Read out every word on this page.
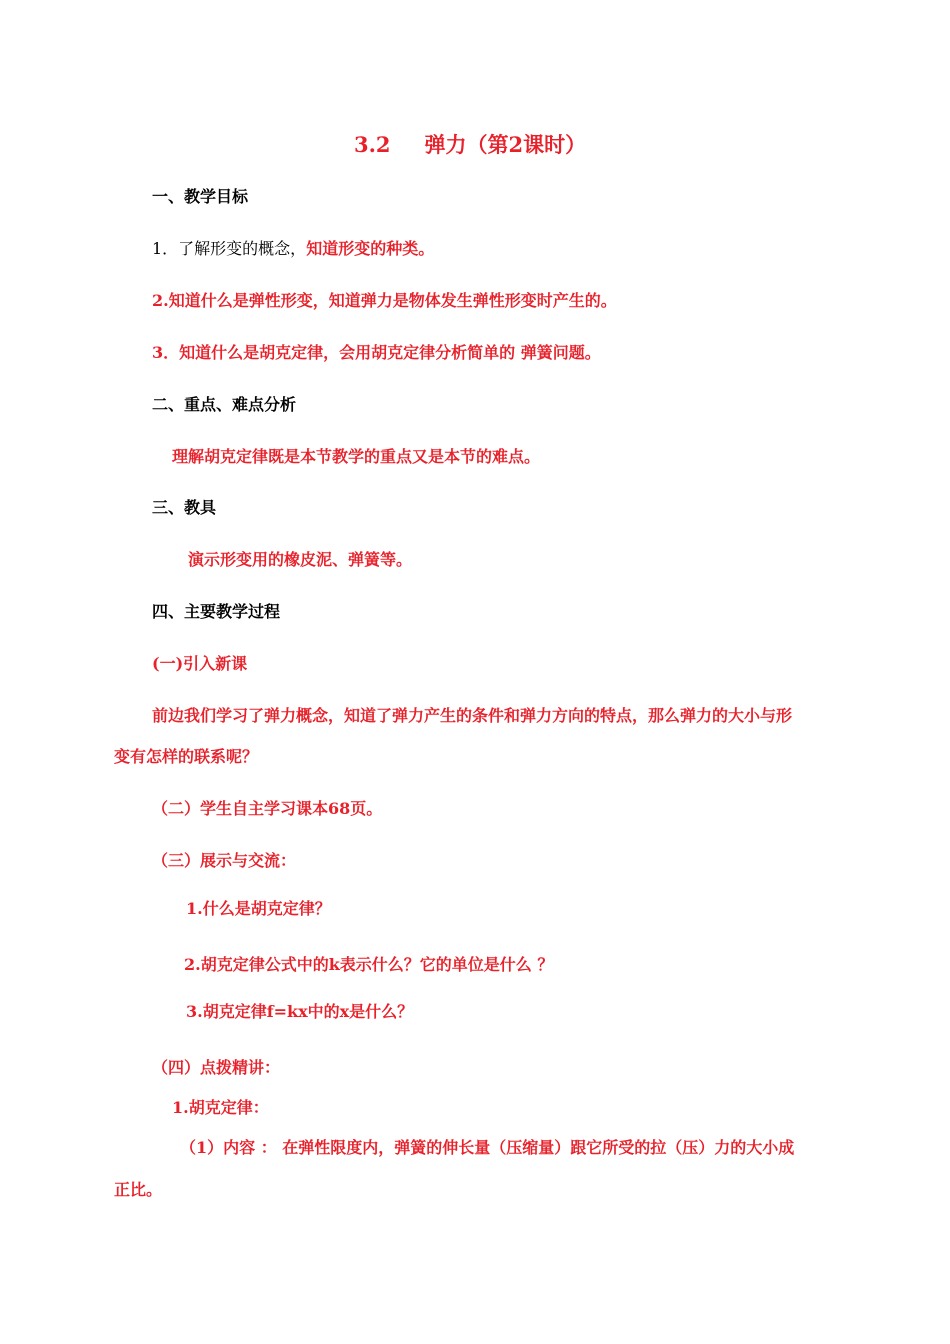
3.2 弹力（第2课时）
一、教学目标
1．了解形变的概念，知道形变的种类。
2.知道什么是弹性形变，知道弹力是物体发生弹性形变时产生的。
3．知道什么是胡克定律，会用胡克定律分析简单的 弹簧问题。
二、重点、难点分析
理解胡克定律既是本节教学的重点又是本节的难点。
三、教具
演示形变用的橡皮泥、弹簧等。
四、主要教学过程
(一)引入新课
前边我们学习了弹力概念，知道了弹力产生的条件和弹力方向的特点，那么弹力的大小与形
变有怎样的联系呢？
（二）学生自主学习课本68页。
（三）展示与交流：
1.什么是胡克定律？
2.胡克定律公式中的k表示什么？它的单位是什么 ？
3.胡克定律f=kx中的x是什么？
（四）点拨精讲：
1.胡克定律：
（1）内容 ： 在弹性限度内，弹簧的伸长量（压缩量）跟它所受的拉（压）力的大小成
正比。
